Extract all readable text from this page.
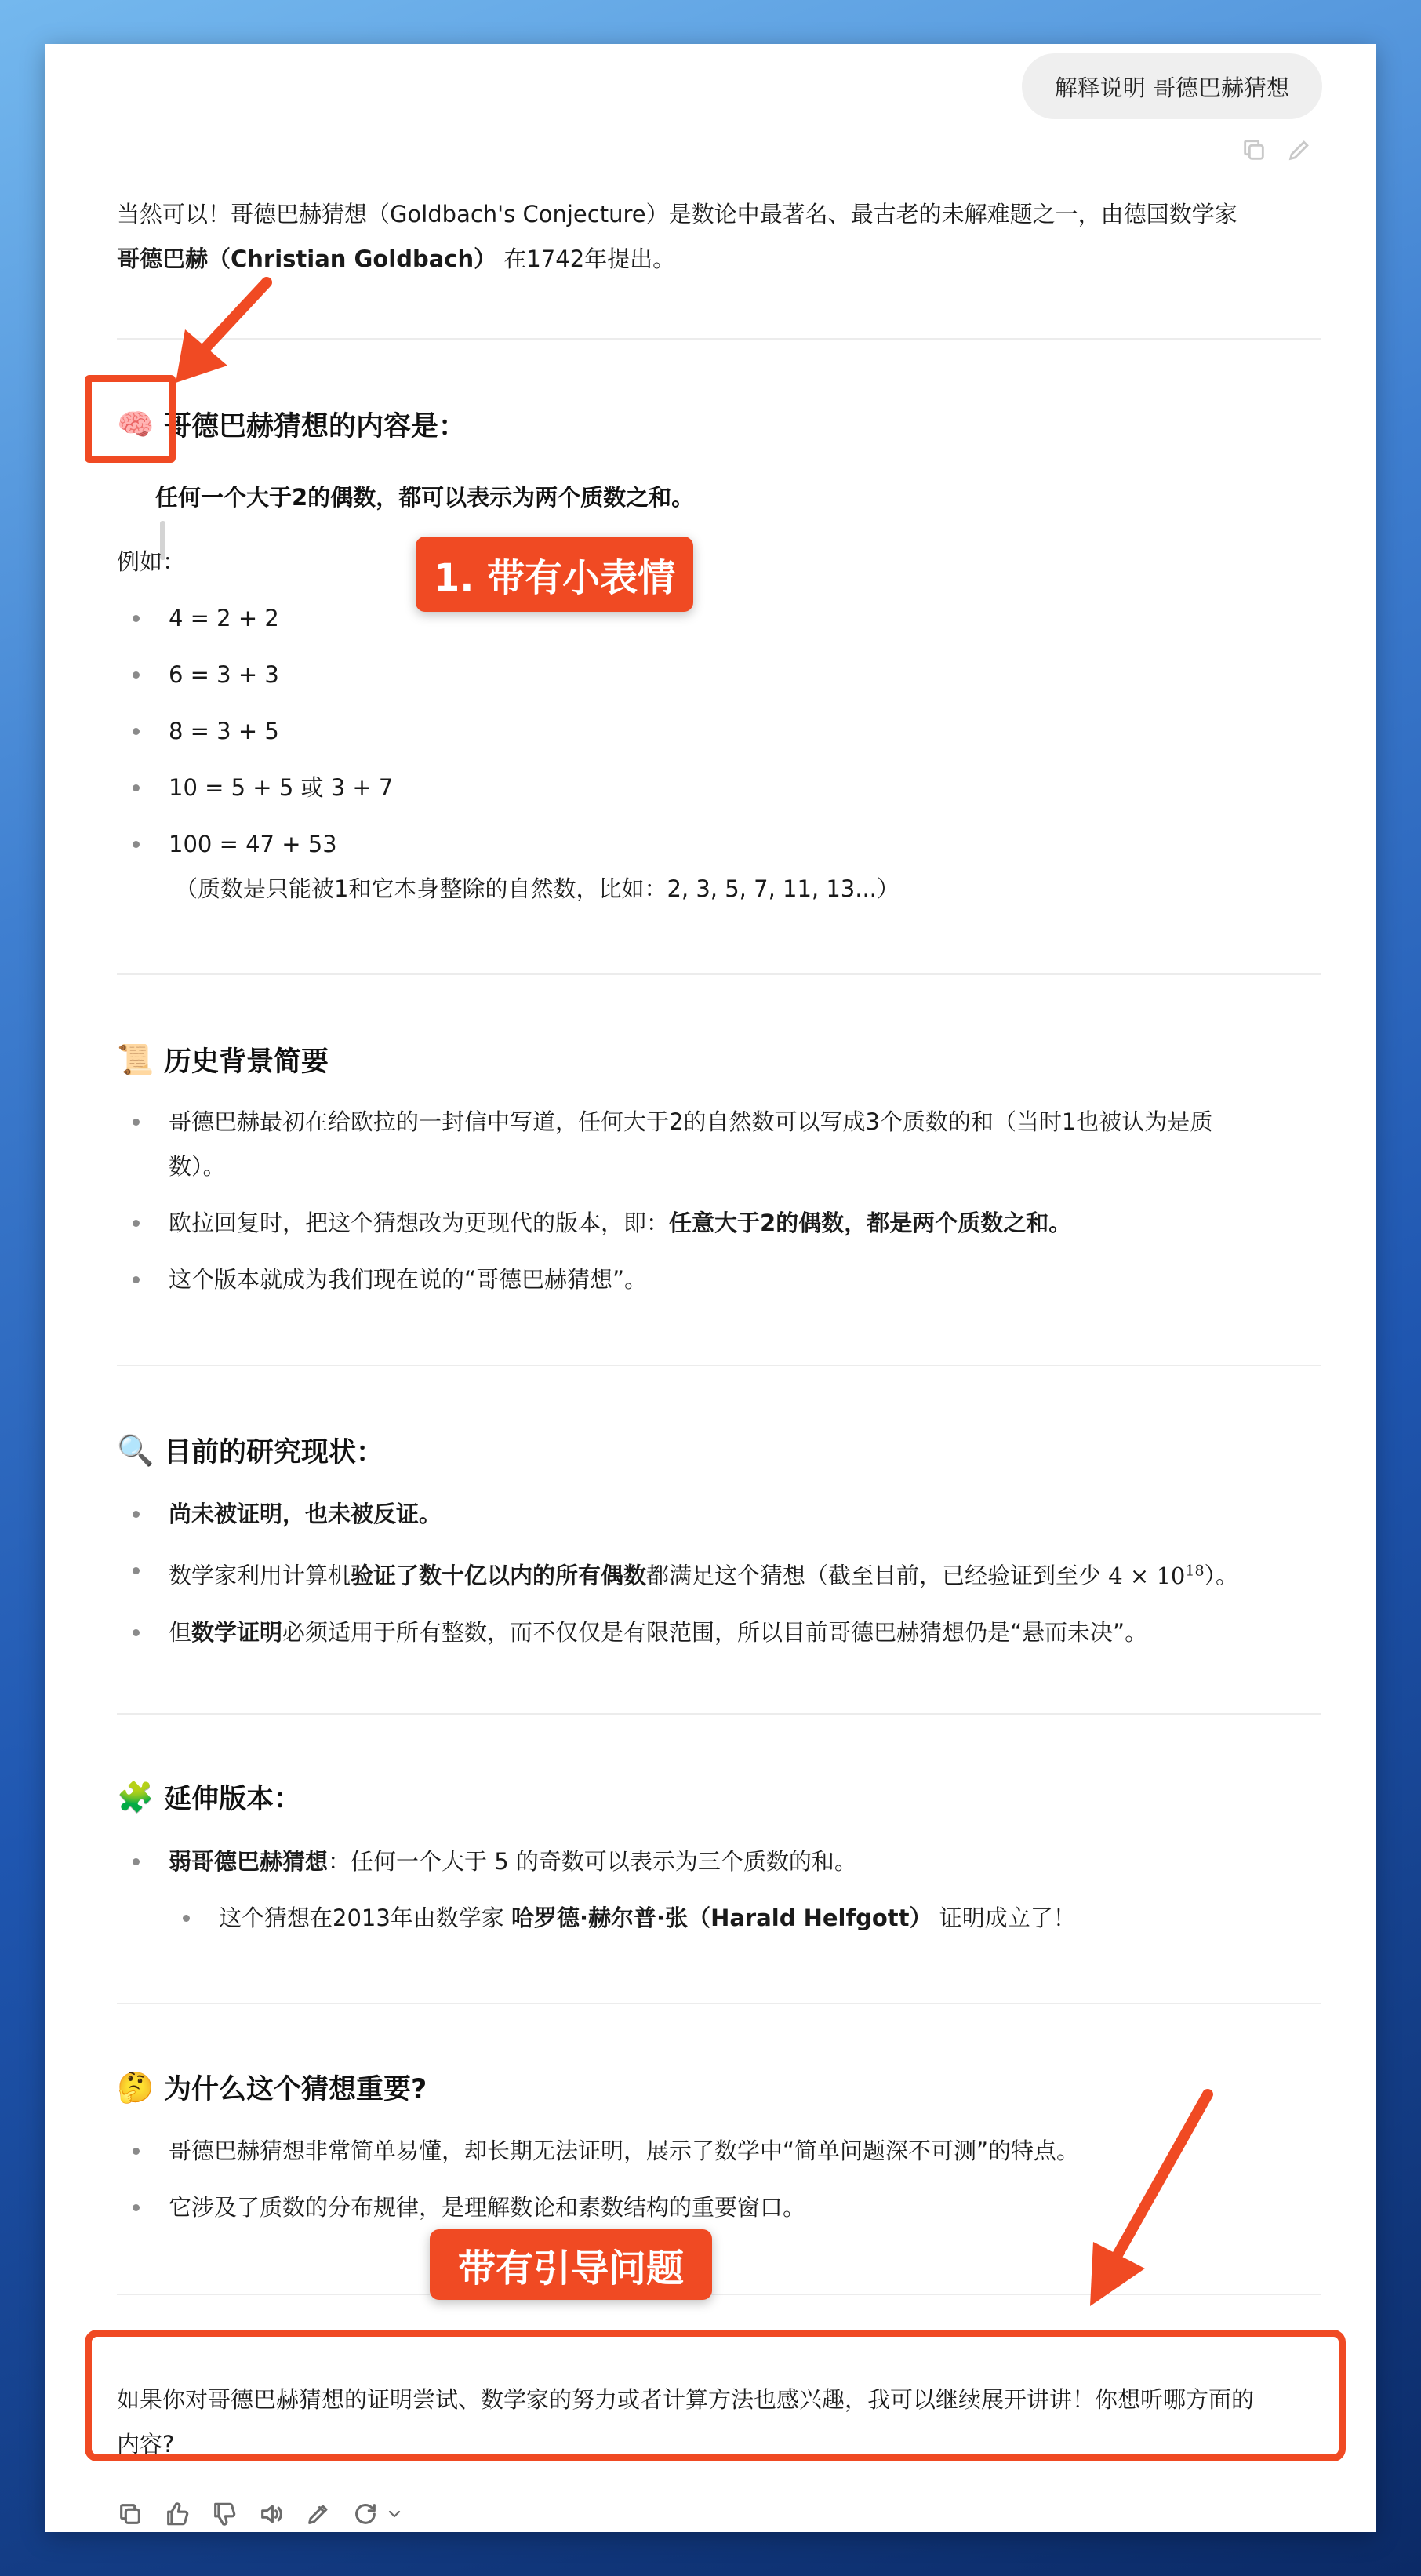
解释说明 哥德巴赫猜想

当然可以！哥德巴赫猜想（Goldbach's Conjecture）是数论中最著名、最古老的未解难题之一，由德国数学家

哥德巴赫（Christian Goldbach） 在1742年提出。

🧠 哥德巴赫猜想的内容是：
任何一个大于2的偶数，都可以表示为两个质数之和。

例如：

4 = 2 + 2
6 = 3 + 3
8 = 3 + 5
10 = 5 + 5 或 3 + 7
100 = 47 + 53
（质数是只能被1和它本身整除的自然数，比如：2, 3, 5, 7, 11, 13...）
📜 历史背景简要
哥德巴赫最初在给欧拉的一封信中写道，任何大于2的自然数可以写成3个质数的和（当时1也被认为是质
数）。
欧拉回复时，把这个猜想改为更现代的版本，即：任意大于2的偶数，都是两个质数之和。
这个版本就成为我们现在说的“哥德巴赫猜想”。
🔍 目前的研究现状：
尚未被证明，也未被反证。
数学家利用计算机验证了数十亿以内的所有偶数都满足这个猜想（截至目前，已经验证到至少 $4 \times 10^{18}$）。
但数学证明必须适用于所有整数，而不仅仅是有限范围，所以目前哥德巴赫猜想仍是“悬而未决”。
🧩 延伸版本：
弱哥德巴赫猜想：任何一个大于 5 的奇数可以表示为三个质数的和。
这个猜想在2013年由数学家 哈罗德·赫尔普·张（Harald Helfgott） 证明成立了！
🤔 为什么这个猜想重要?
哥德巴赫猜想非常简单易懂，却长期无法证明，展示了数学中“简单问题深不可测”的特点。
它涉及了质数的分布规律，是理解数论和素数结构的重要窗口。

如果你对哥德巴赫猜想的证明尝试、数学家的努力或者计算方法也感兴趣，我可以继续展开讲讲！你想听哪方面的

内容?

1. 带有小表情
带有引导问题
